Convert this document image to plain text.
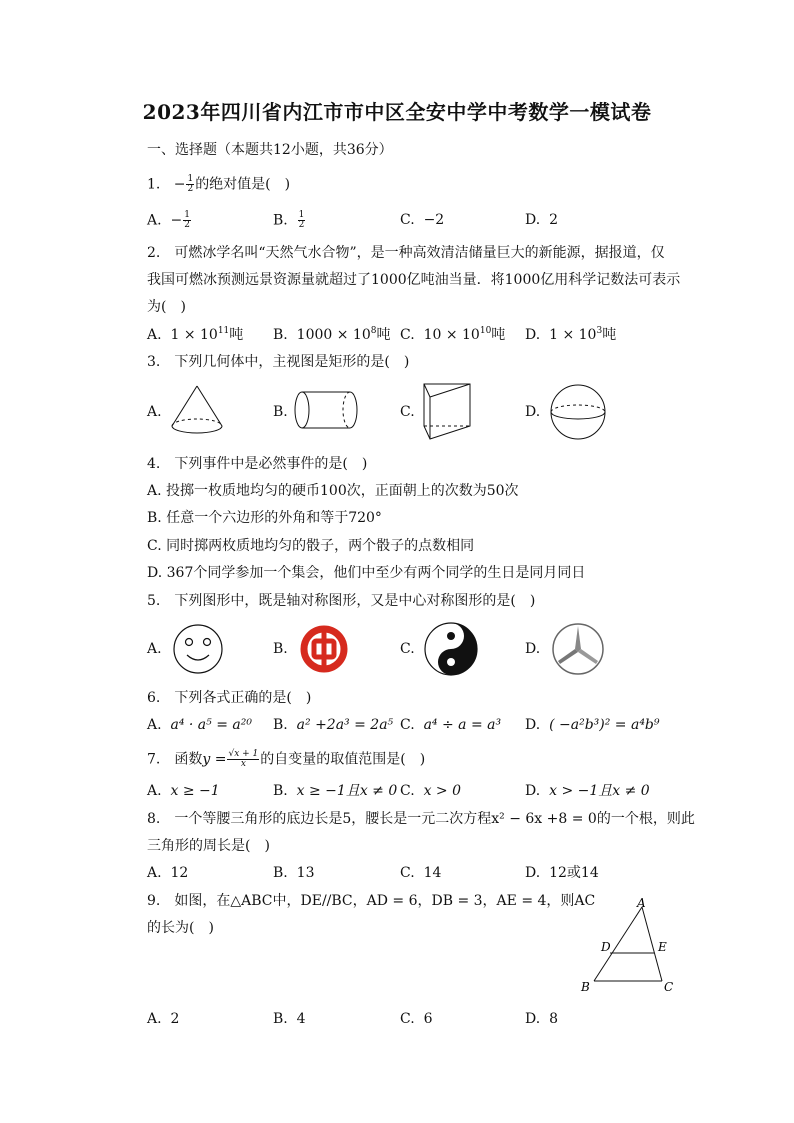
2023年四川省内江市市中区全安中学中考数学一模试卷
一、选择题（本题共12小题，共36分）
1. − $\frac{1}{2}$ 的绝对值是(　)
A. − $\frac{1}{2}$	B. $\frac{1}{2}$	C. −2	D. 2
2.　可燃冰学名叫“天然气水合物”，是一种高效清洁储量巨大的新能源，据报道，仅
我国可燃冰预测远景资源量就超过了1000亿吨油当量．将1000亿用科学记数法可表示
为(　)
A. $1 \times 10^{11}$吨 B. $1000 \times 10^8$吨 C. $10 \times 10^{10}$吨 D. $1 \times 10^3$吨
3.　下列几何体中，主视图是矩形的是(　)
A.	B.	C.	D.
4.　下列事件中是必然事件的是(　)
A. 投掷一枚质地均匀的硬币100次，正面朝上的次数为50次
B. 任意一个六边形的外角和等于720°
C. 同时掷两枚质地均匀的骰子，两个骰子的点数相同
D. 367个同学参加一个集会，他们中至少有两个同学的生日是同月同日
5.　下列图形中，既是轴对称图形，又是中心对称图形的是(　)
A.	B.	C.	D.
6.　下列各式正确的是(　)
A. a⁴ · a⁵ = a²⁰ B. a² +2a³ = 2a⁵ C. a⁴ ÷ a = a³ D. ( −a²b³)² = a⁴b⁹
7.　函数$y = \frac{√x + 1}{x}$ 的自变量的取值范围是(　)
A. x ≥ −1	B. x ≥ −1且x ≠ 0 C. x > 0	D. x > −1且x ≠ 0
8.　一个等腰三角形的底边长是5，腰长是一元二次方程x² − 6x +8 = 0的一个根，则此
三角形的周长是(　)
A. 12	B. 13	C. 14	D. 12或14
9.　如图，在△ABC中，DE//BC，AD = 6，DB = 3，AE = 4，则AC
的长为(　)
A
D	E
B	C
A. 2	B. 4	C. 6	D. 8
